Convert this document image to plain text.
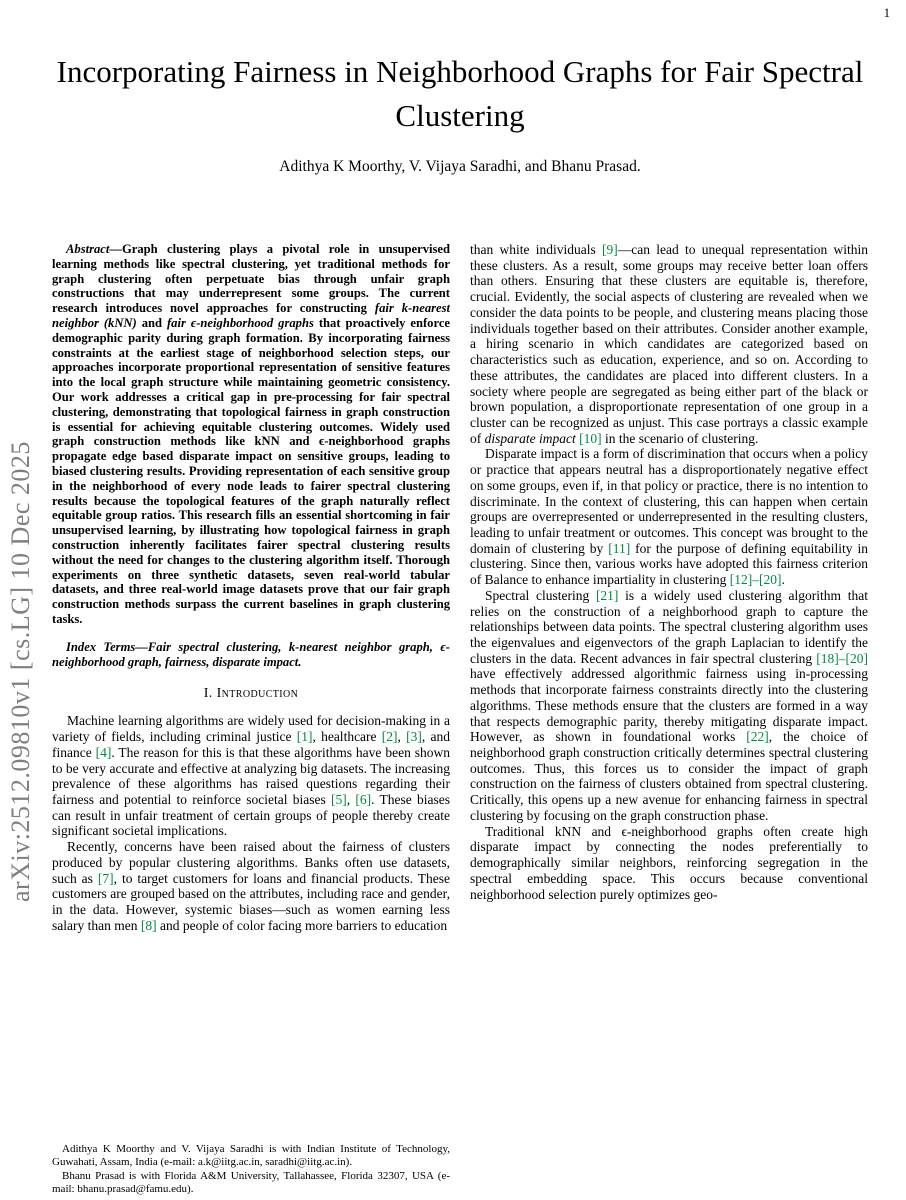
1
arXiv:2512.09810v1 [cs.LG] 10 Dec 2025
Incorporating Fairness in Neighborhood Graphs for Fair Spectral Clustering
Adithya K Moorthy, V. Vijaya Saradhi, and Bhanu Prasad.

Abstract—Graph clustering plays a pivotal role in unsupervised learning methods like spectral clustering, yet traditional methods for graph clustering often perpetuate bias through unfair graph constructions that may underrepresent some groups. The current research introduces novel approaches for constructing fair k-nearest neighbor (kNN) and fair ϵ-neighborhood graphs that proactively enforce demographic parity during graph formation. By incorporating fairness constraints at the earliest stage of neighborhood selection steps, our approaches incorporate proportional representation of sensitive features into the local graph structure while maintaining geometric consistency. Our work addresses a critical gap in pre-processing for fair spectral clustering, demonstrating that topological fairness in graph construction is essential for achieving equitable clustering outcomes. Widely used graph construction methods like kNN and ϵ-neighborhood graphs propagate edge based disparate impact on sensitive groups, leading to biased clustering results. Providing representation of each sensitive group in the neighborhood of every node leads to fairer spectral clustering results because the topological features of the graph naturally reflect equitable group ratios. This research fills an essential shortcoming in fair unsupervised learning, by illustrating how topological fairness in graph construction inherently facilitates fairer spectral clustering results without the need for changes to the clustering algorithm itself. Thorough experiments on three synthetic datasets, seven real-world tabular datasets, and three real-world image datasets prove that our fair graph construction methods surpass the current baselines in graph clustering tasks.

Index Terms—Fair spectral clustering, k-nearest neighbor graph, ϵ-neighborhood graph, fairness, disparate impact.

I. Introduction

Machine learning algorithms are widely used for decision-making in a variety of fields, including criminal justice [1], healthcare [2], [3], and finance [4]. The reason for this is that these algorithms have been shown to be very accurate and effective at analyzing big datasets. The increasing prevalence of these algorithms has raised questions regarding their fairness and potential to reinforce societal biases [5], [6]. These biases can result in unfair treatment of certain groups of people thereby create significant societal implications.

Recently, concerns have been raised about the fairness of clusters produced by popular clustering algorithms. Banks often use datasets, such as [7], to target customers for loans and financial products. These customers are grouped based on the attributes, including race and gender, in the data. However, systemic biases—such as women earning less salary than men [8] and people of color facing more barriers to education

Adithya K Moorthy and V. Vijaya Saradhi is with Indian Institute of Technology, Guwahati, Assam, India (e-mail: a.k@iitg.ac.in, saradhi@iitg.ac.in).

Bhanu Prasad is with Florida A&M University, Tallahassee, Florida 32307, USA (e-mail: bhanu.prasad@famu.edu).

than white individuals [9]—can lead to unequal representation within these clusters. As a result, some groups may receive better loan offers than others. Ensuring that these clusters are equitable is, therefore, crucial. Evidently, the social aspects of clustering are revealed when we consider the data points to be people, and clustering means placing those individuals together based on their attributes. Consider another example, a hiring scenario in which candidates are categorized based on characteristics such as education, experience, and so on. According to these attributes, the candidates are placed into different clusters. In a society where people are segregated as being either part of the black or brown population, a disproportionate representation of one group in a cluster can be recognized as unjust. This case portrays a classic example of disparate impact [10] in the scenario of clustering.

Disparate impact is a form of discrimination that occurs when a policy or practice that appears neutral has a disproportionately negative effect on some groups, even if, in that policy or practice, there is no intention to discriminate. In the context of clustering, this can happen when certain groups are overrepresented or underrepresented in the resulting clusters, leading to unfair treatment or outcomes. This concept was brought to the domain of clustering by [11] for the purpose of defining equitability in clustering. Since then, various works have adopted this fairness criterion of Balance to enhance impartiality in clustering [12]–[20].

Spectral clustering [21] is a widely used clustering algorithm that relies on the construction of a neighborhood graph to capture the relationships between data points. The spectral clustering algorithm uses the eigenvalues and eigenvectors of the graph Laplacian to identify the clusters in the data. Recent advances in fair spectral clustering [18]–[20] have effectively addressed algorithmic fairness using in-processing methods that incorporate fairness constraints directly into the clustering algorithms. These methods ensure that the clusters are formed in a way that respects demographic parity, thereby mitigating disparate impact. However, as shown in foundational works [22], the choice of neighborhood graph construction critically determines spectral clustering outcomes. Thus, this forces us to consider the impact of graph construction on the fairness of clusters obtained from spectral clustering. Critically, this opens up a new avenue for enhancing fairness in spectral clustering by focusing on the graph construction phase.

Traditional kNN and ϵ-neighborhood graphs often create high disparate impact by connecting the nodes preferentially to demographically similar neighbors, reinforcing segregation in the spectral embedding space. This occurs because conventional neighborhood selection purely optimizes geo-
